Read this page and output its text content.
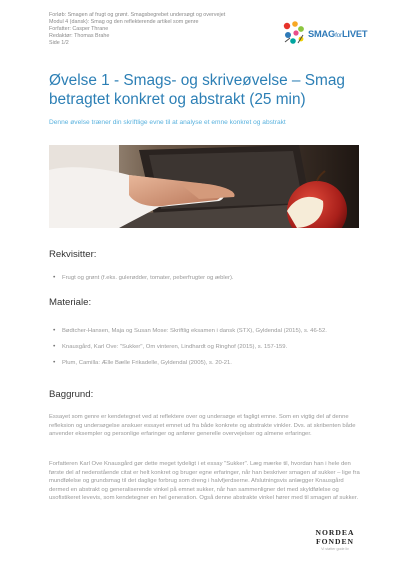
Forløb: Smagen af frugt og grønt. Smagsbegrebet undersøgt og overvejet
Modul 4 (dansk): Smag og den reflekterende artikel som genre
Forfatter: Casper Thrane
Redaktør: Thomas Brahe
Side 1/2
SMAGforLIVET
Øvelse 1 - Smags- og skriveøvelse – Smag betragtet konkret og abstrakt (25 min)
Denne øvelse træner din skriftlige evne til at analyse et emne konkret og abstrakt
Rekvisitter:
• Frugt og grønt (f.eks. gulerødder, tomater, peberfrugter og æbler).
Materiale:
• Bødtcher-Hansen, Maja og Susan Mose: Skriftlig eksamen i dansk (STX), Gyldendal (2015), s. 46-52.
• Knausgård, Karl Ove: "Sukker", Om vinteren, Lindhardt og Ringhof (2015), s. 157-159.
• Plum, Camilla: Ælle Bælle Frikadelle, Gyldendal (2005), s. 20-21.
Baggrund:

Essayet som genre er kendetegnet ved at reflektere over og undersøge et fagligt emne. Som en vigtig del af denne refleksion og undersøgelse anskuer essayet emnet ud fra både konkrete og abstrakte vinkler. Dvs. at skribenten både anvender eksempler og personlige erfaringer og anfører generelle overvejelser og almene erfaringer.

Forfatteren Karl Ove Knausgård gør dette meget tydeligt i et essay "Sukker". Læg mærke til, hvordan han i hele den første del af nedenstående citat er helt konkret og bruger egne erfaringer, når han beskriver smagen af sukker – lige fra mundfølelse og grundsmag til det daglige forbrug som dreng i halvfjerdserne. Afslutningsvis anlægger Knausgård dermed en abstrakt og generaliserende vinkel på emnet sukker, når han sammenligner det med skyldfølelse og usofistikeret levevis, som kendetegner en hel generation. Også denne abstrakte vinkel hører med til smagen af sukker.

NORDEA
FONDEN
Vi støtter gode liv
